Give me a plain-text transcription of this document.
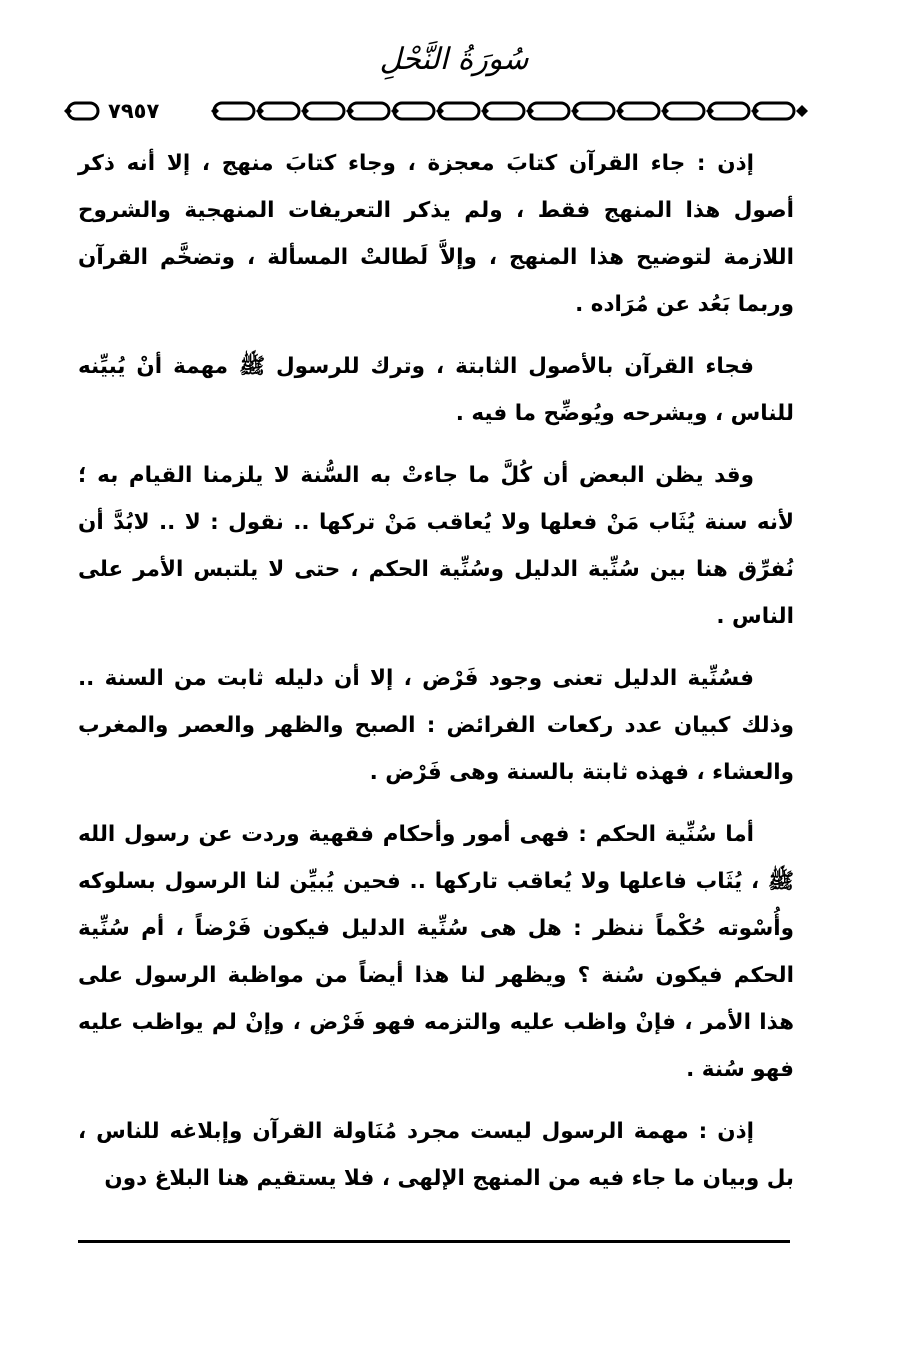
سُورَةُ النَّحْلِ
٧٩٥٧

إذن : جاء القرآن كتابَ معجزة ، وجاء كتابَ منهج ، إلا أنه ذكر أصول هذا المنهج فقط ، ولم يذكر التعريفات المنهجية والشروح اللازمة لتوضيح هذا المنهج ، وإلاَّ لَطالتْ المسألة ، وتضخَّم القرآن وربما بَعُد عن مُرَاده .

فجاء القرآن بالأصول الثابتة ، وترك للرسول ﷺ مهمة أنْ يُبيِّنه للناس ، ويشرحه ويُوضِّح ما فيه .

وقد يظن البعض أن كُلَّ ما جاءتْ به السُّنة لا يلزمنا القيام به ؛ لأنه سنة يُثَاب مَنْ فعلها ولا يُعاقب مَنْ تركها .. نقول : لا .. لابُدَّ أن نُفرِّق هنا بين سُنِّية الدليل وسُنِّية الحكم ، حتى لا يلتبس الأمر على الناس .

فسُنِّية الدليل تعنى وجود فَرْض ، إلا أن دليله ثابت من السنة .. وذلك كبيان عدد ركعات الفرائض : الصبح والظهر والعصر والمغرب والعشاء ، فهذه ثابتة بالسنة وهى فَرْض .

أما سُنِّية الحكم : فهى أمور وأحكام فقهية وردت عن رسول الله ﷺ ، يُثَاب فاعلها ولا يُعاقب تاركها .. فحين يُبيِّن لنا الرسول بسلوكه وأُسْوته حُكْماً ننظر : هل هى سُنِّية الدليل فيكون فَرْضاً ، أم سُنِّية الحكم فيكون سُنة ؟ ويظهر لنا هذا أيضاً من مواظبة الرسول على هذا الأمر ، فإنْ واظب عليه والتزمه فهو فَرْض ، وإنْ لم يواظب عليه فهو سُنة .

إذن : مهمة الرسول ليست مجرد مُنَاولة القرآن وإبلاغه للناس ، بل وبيان ما جاء فيه من المنهج الإلهى ، فلا يستقيم هنا البلاغ دون
